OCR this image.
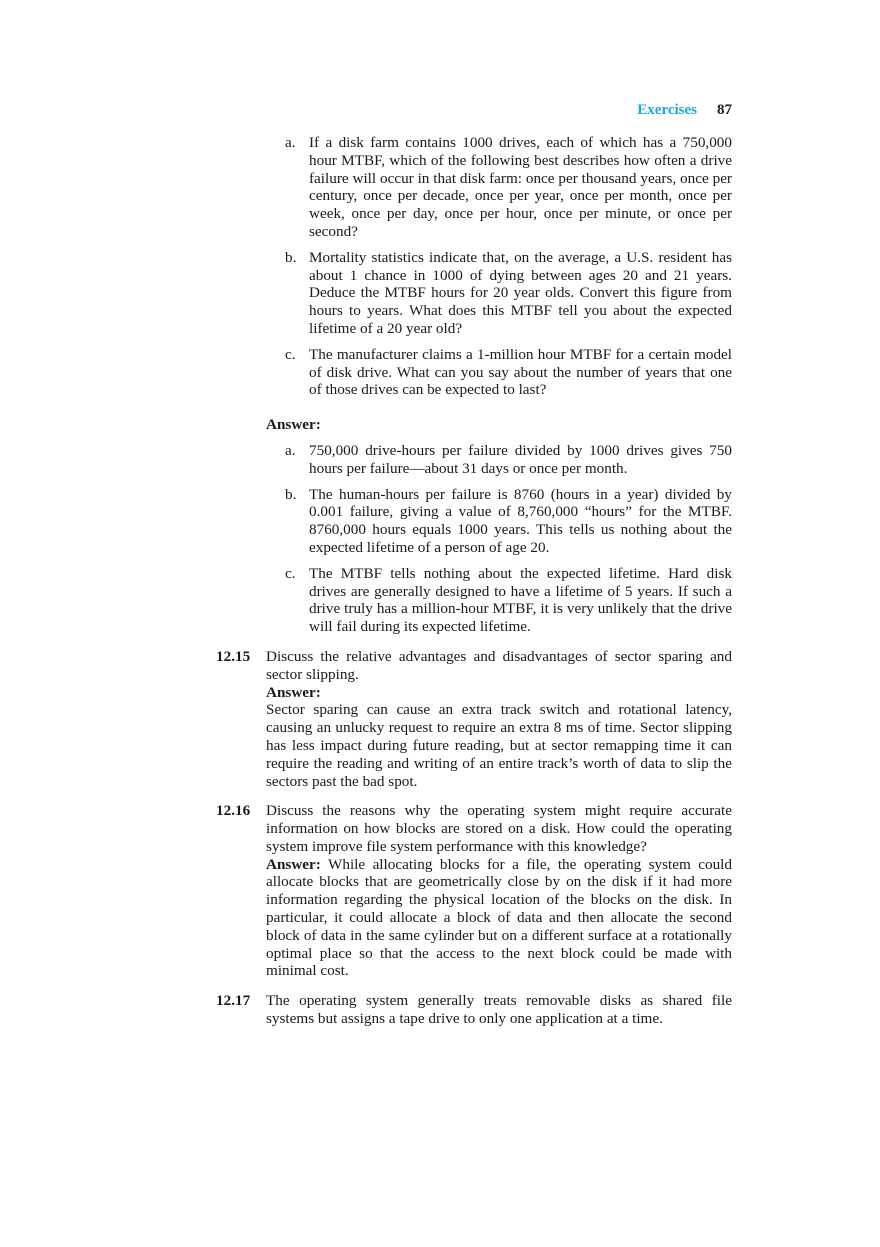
Exercises 87
a. If a disk farm contains 1000 drives, each of which has a 750,000 hour MTBF, which of the following best describes how often a drive failure will occur in that disk farm: once per thousand years, once per century, once per decade, once per year, once per month, once per week, once per day, once per hour, once per minute, or once per second?
b. Mortality statistics indicate that, on the average, a U.S. resident has about 1 chance in 1000 of dying between ages 20 and 21 years. Deduce the MTBF hours for 20 year olds. Convert this figure from hours to years. What does this MTBF tell you about the expected lifetime of a 20 year old?
c. The manufacturer claims a 1-million hour MTBF for a certain model of disk drive. What can you say about the number of years that one of those drives can be expected to last?
Answer:
a. 750,000 drive-hours per failure divided by 1000 drives gives 750 hours per failure—about 31 days or once per month.
b. The human-hours per failure is 8760 (hours in a year) divided by 0.001 failure, giving a value of 8,760,000 “hours” for the MTBF. 8760,000 hours equals 1000 years. This tells us nothing about the expected lifetime of a person of age 20.
c. The MTBF tells nothing about the expected lifetime. Hard disk drives are generally designed to have a lifetime of 5 years. If such a drive truly has a million-hour MTBF, it is very unlikely that the drive will fail during its expected lifetime.
12.15 Discuss the relative advantages and disadvantages of sector sparing and sector slipping.
Answer:
Sector sparing can cause an extra track switch and rotational latency, causing an unlucky request to require an extra 8 ms of time. Sector slipping has less impact during future reading, but at sector remapping time it can require the reading and writing of an entire track’s worth of data to slip the sectors past the bad spot.
12.16 Discuss the reasons why the operating system might require accurate information on how blocks are stored on a disk. How could the operating system improve file system performance with this knowledge?
Answer: While allocating blocks for a file, the operating system could allocate blocks that are geometrically close by on the disk if it had more information regarding the physical location of the blocks on the disk. In particular, it could allocate a block of data and then allocate the second block of data in the same cylinder but on a different surface at a rotationally optimal place so that the access to the next block could be made with minimal cost.
12.17 The operating system generally treats removable disks as shared file systems but assigns a tape drive to only one application at a time.
